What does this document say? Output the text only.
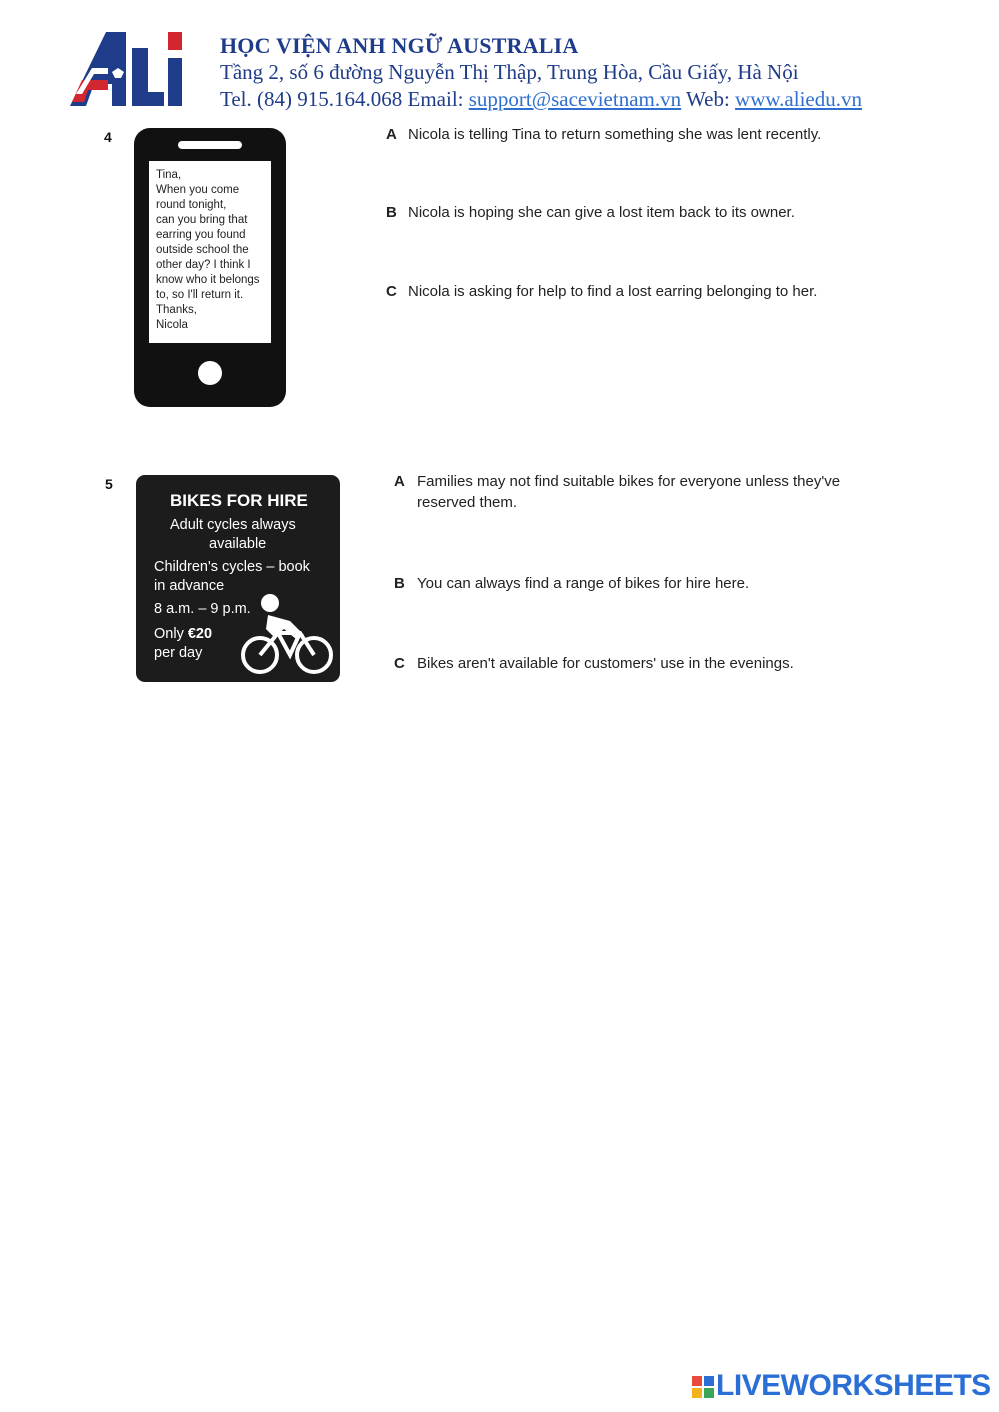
HỌC VIỆN ANH NGỮ AUSTRALIA
Tầng 2, số 6 đường Nguyễn Thị Thập, Trung Hòa, Cầu Giấy, Hà Nội
Tel. (84) 915.164.068 Email: support@sacevietnam.vn Web: www.aliedu.vn
4
Tina,
When you come
round tonight,
can you bring that
earring you found
outside school the
other day? I think I
know who it belongs
to, so I'll return it.
Thanks,
Nicola
A Nicola is telling Tina to return something she was lent recently.
B Nicola is hoping she can give a lost item back to its owner.
C Nicola is asking for help to find a lost earring belonging to her.
5
BIKES FOR HIRE
Adult cycles always
available
Children's cycles – book
in advance
8 a.m. – 9 p.m.
Only €20
per day
A Families may not find suitable bikes for everyone unless they've
reserved them.
B You can always find a range of bikes for hire here.
C Bikes aren't available for customers' use in the evenings.
LIVEWORKSHEETS
